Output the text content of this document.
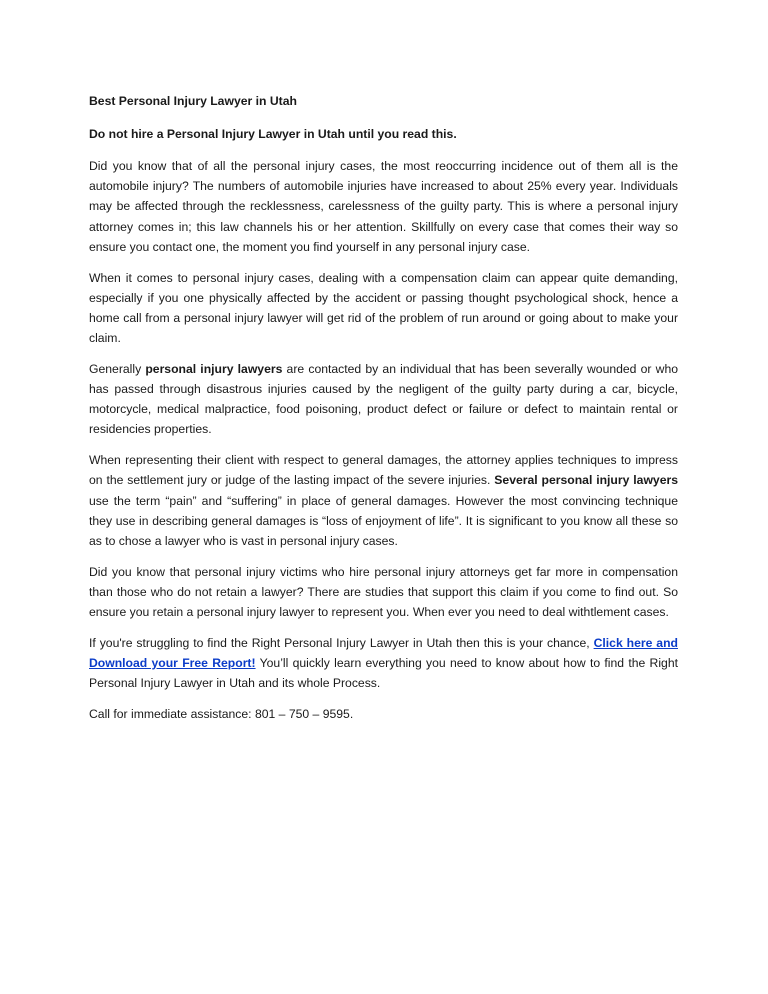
Best Personal Injury Lawyer in Utah
Do not hire a Personal Injury Lawyer in Utah until you read this.

Did you know that of all the personal injury cases, the most reoccurring incidence out of them all is the automobile injury? The numbers of automobile injuries have increased to about 25% every year. Individuals may be affected through the recklessness, carelessness of the guilty party. This is where a personal injury attorney comes in; this law channels his or her attention. Skillfully on every case that comes their way so ensure you contact one, the moment you find yourself in any personal injury case.

When it comes to personal injury cases, dealing with a compensation claim can appear quite demanding, especially if you one physically affected by the accident or passing thought psychological shock, hence a home call from a personal injury lawyer will get rid of the problem of run around or going about to make your claim.

Generally personal injury lawyers are contacted by an individual that has been severally wounded or who has passed through disastrous injuries caused by the negligent of the guilty party during a car, bicycle, motorcycle, medical malpractice, food poisoning, product defect or failure or defect to maintain rental or residencies properties.

When representing their client with respect to general damages, the attorney applies techniques to impress on the settlement jury or judge of the lasting impact of the severe injuries. Several personal injury lawyers use the term “pain” and “suffering” in place of general damages. However the most convincing technique they use in describing general damages is “loss of enjoyment of life”. It is significant to you know all these so as to chose a lawyer who is vast in personal injury cases.

Did you know that personal injury victims who hire personal injury attorneys get far more in compensation than those who do not retain a lawyer? There are studies that support this claim if you come to find out. So ensure you retain a personal injury lawyer to represent you. When ever you need to deal withtlement cases.

If you're struggling to find the Right Personal Injury Lawyer in Utah then this is your chance, Click here and Download your Free Report! You’ll quickly learn everything you need to know about how to find the Right Personal Injury Lawyer in Utah and its whole Process.

Call for immediate assistance: 801 – 750 – 9595.
